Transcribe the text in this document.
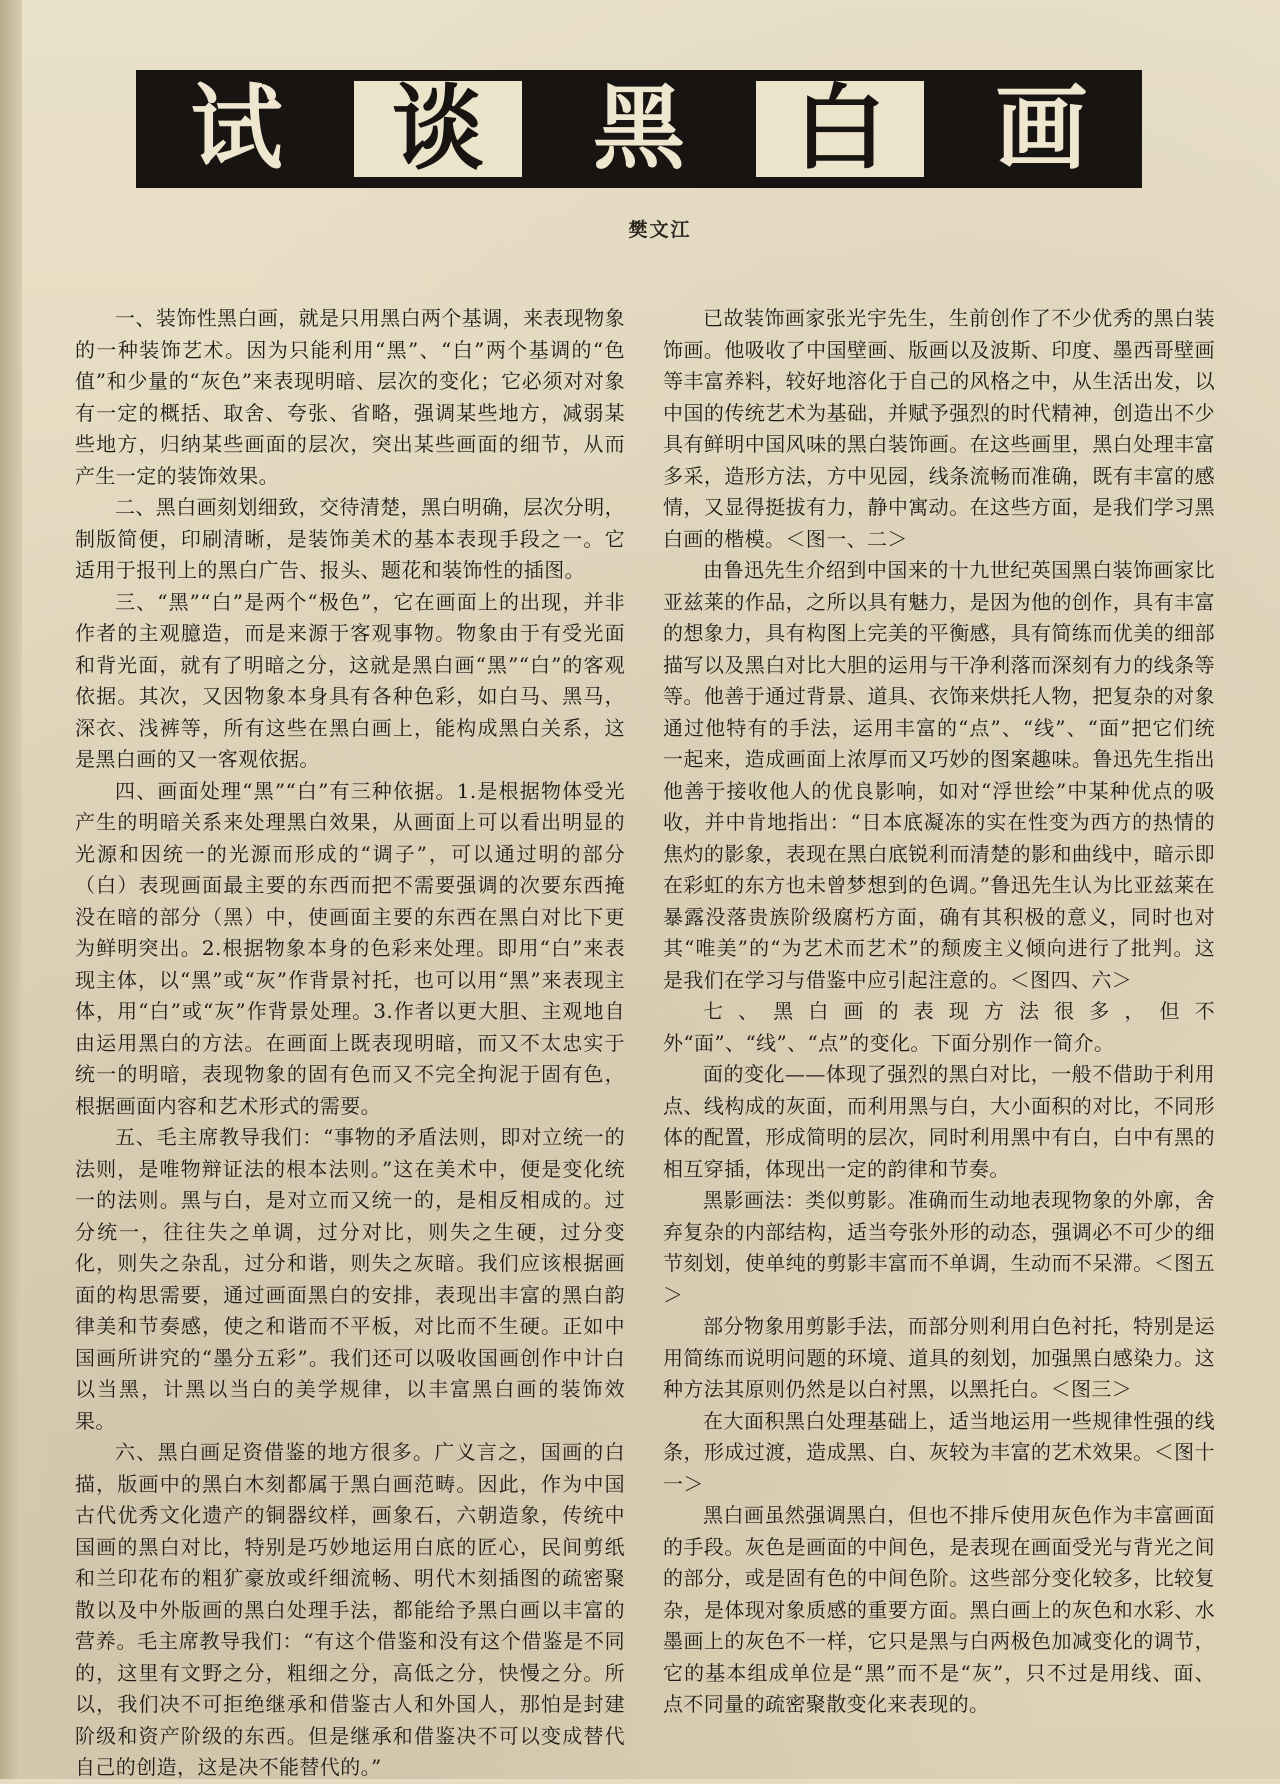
试	谈	黑	白	画
樊文江

一、装饰性黑白画，就是只用黑白两个基调，来表现物象的一种装饰艺术。因为只能利用“黑”、“白”两个基调的“色值”和少量的“灰色”来表现明暗、层次的变化；它必须对对象有一定的概括、取舍、夸张、省略，强调某些地方，减弱某些地方，归纳某些画面的层次，突出某些画面的细节，从而产生一定的装饰效果。

二、黑白画刻划细致，交待清楚，黑白明确，层次分明，制版简便，印刷清晰，是装饰美术的基本表现手段之一。它适用于报刊上的黑白广告、报头、题花和装饰性的插图。

三、“黑”“白”是两个“极色”，它在画面上的出现，并非作者的主观臆造，而是来源于客观事物。物象由于有受光面和背光面，就有了明暗之分，这就是黑白画“黑”“白”的客观依据。其次，又因物象本身具有各种色彩，如白马、黑马，深衣、浅裤等，所有这些在黑白画上，能构成黑白关系，这是黑白画的又一客观依据。

四、画面处理“黑”“白”有三种依据。1.是根据物体受光产生的明暗关系来处理黑白效果，从画面上可以看出明显的光源和因统一的光源而形成的“调子”，可以通过明的部分（白）表现画面最主要的东西而把不需要强调的次要东西掩没在暗的部分（黑）中，使画面主要的东西在黑白对比下更为鲜明突出。2.根据物象本身的色彩来处理。即用“白”来表现主体，以“黑”或“灰”作背景衬托，也可以用“黑”来表现主体，用“白”或“灰”作背景处理。3.作者以更大胆、主观地自由运用黑白的方法。在画面上既表现明暗，而又不太忠实于统一的明暗，表现物象的固有色而又不完全拘泥于固有色，根据画面内容和艺术形式的需要。

五、毛主席教导我们：“事物的矛盾法则，即对立统一的法则，是唯物辩证法的根本法则。”这在美术中，便是变化统一的法则。黑与白，是对立而又统一的，是相反相成的。过分统一，往往失之单调，过分对比，则失之生硬，过分变化，则失之杂乱，过分和谐，则失之灰暗。我们应该根据画面的构思需要，通过画面黑白的安排，表现出丰富的黑白韵律美和节奏感，使之和谐而不平板，对比而不生硬。正如中国画所讲究的“墨分五彩”。我们还可以吸收国画创作中计白以当黑，计黑以当白的美学规律，以丰富黑白画的装饰效果。

六、黑白画足资借鉴的地方很多。广义言之，国画的白描，版画中的黑白木刻都属于黑白画范畴。因此，作为中国古代优秀文化遗产的铜器纹样，画象石，六朝造象，传统中国画的黑白对比，特别是巧妙地运用白底的匠心，民间剪纸和兰印花布的粗犷豪放或纤细流畅、明代木刻插图的疏密聚散以及中外版画的黑白处理手法，都能给予黑白画以丰富的营养。毛主席教导我们：“有这个借鉴和没有这个借鉴是不同的，这里有文野之分，粗细之分，高低之分，快慢之分。所以，我们决不可拒绝继承和借鉴古人和外国人，那怕是封建阶级和资产阶级的东西。但是继承和借鉴决不可以变成替代自己的创造，这是决不能替代的。”

已故装饰画家张光宇先生，生前创作了不少优秀的黑白装饰画。他吸收了中国壁画、版画以及波斯、印度、墨西哥壁画等丰富养料，较好地溶化于自己的风格之中，从生活出发，以中国的传统艺术为基础，并赋予强烈的时代精神，创造出不少具有鲜明中国风味的黑白装饰画。在这些画里，黑白处理丰富多采，造形方法，方中见园，线条流畅而准确，既有丰富的感情，又显得挺拔有力，静中寓动。在这些方面，是我们学习黑白画的楷模。＜图一、二＞

由鲁迅先生介绍到中国来的十九世纪英国黑白装饰画家比亚兹莱的作品，之所以具有魅力，是因为他的创作，具有丰富的想象力，具有构图上完美的平衡感，具有简练而优美的细部描写以及黑白对比大胆的运用与干净利落而深刻有力的线条等等。他善于通过背景、道具、衣饰来烘托人物，把复杂的对象通过他特有的手法，运用丰富的“点”、“线”、“面”把它们统一起来，造成画面上浓厚而又巧妙的图案趣味。鲁迅先生指出他善于接收他人的优良影响，如对“浮世绘”中某种优点的吸收，并中肯地指出：“日本底凝冻的实在性变为西方的热情的焦灼的影象，表现在黑白底锐利而清楚的影和曲线中，暗示即在彩虹的东方也未曾梦想到的色调。”鲁迅先生认为比亚兹莱在暴露没落贵族阶级腐朽方面，确有其积极的意义，同时也对其“唯美”的“为艺术而艺术”的颓废主义倾向进行了批判。这是我们在学习与借鉴中应引起注意的。＜图四、六＞

七、黑白画的表现方法很多，但不外“面”、“线”、“点”的变化。下面分别作一简介。

面的变化——体现了强烈的黑白对比，一般不借助于利用点、线构成的灰面，而利用黑与白，大小面积的对比，不同形体的配置，形成简明的层次，同时利用黑中有白，白中有黑的相互穿插，体现出一定的韵律和节奏。

黑影画法：类似剪影。准确而生动地表现物象的外廓，舍弃复杂的内部结构，适当夸张外形的动态，强调必不可少的细节刻划，使单纯的剪影丰富而不单调，生动而不呆滞。＜图五＞

部分物象用剪影手法，而部分则利用白色衬托，特别是运用简练而说明问题的环境、道具的刻划，加强黑白感染力。这种方法其原则仍然是以白衬黑，以黑托白。＜图三＞

在大面积黑白处理基础上，适当地运用一些规律性强的线条，形成过渡，造成黑、白、灰较为丰富的艺术效果。＜图十一＞

黑白画虽然强调黑白，但也不排斥使用灰色作为丰富画面的手段。灰色是画面的中间色，是表现在画面受光与背光之间的部分，或是固有色的中间色阶。这些部分变化较多，比较复杂，是体现对象质感的重要方面。黑白画上的灰色和水彩、水墨画上的灰色不一样，它只是黑与白两极色加减变化的调节，它的基本组成单位是“黑”而不是“灰”，只不过是用线、面、点不同量的疏密聚散变化来表现的。
